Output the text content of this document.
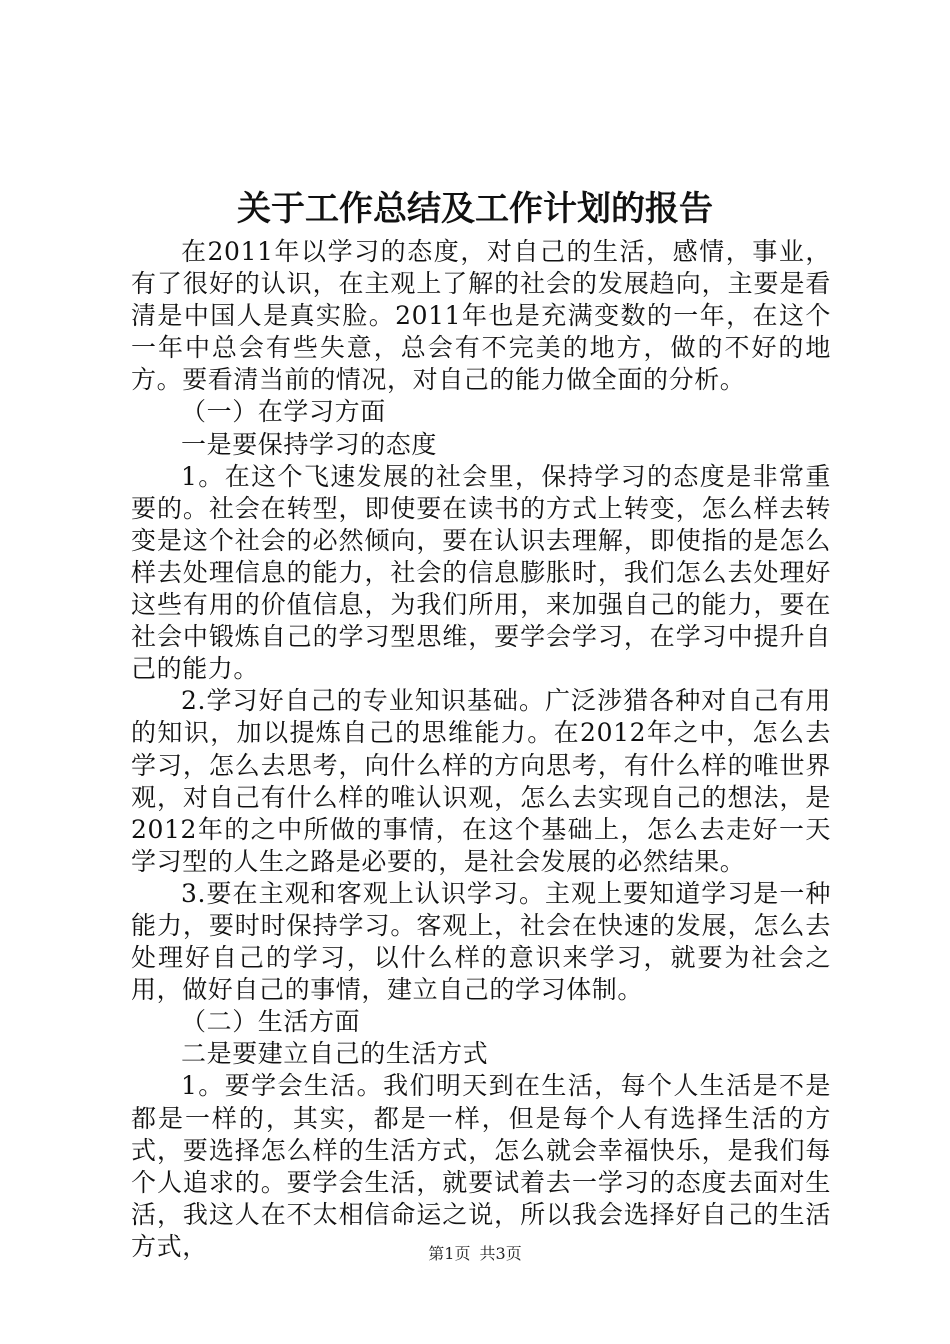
关于工作总结及工作计划的报告

在2011年以学习的态度，对自己的生活，感情，事业，有了很好的认识，在主观上了解的社会的发展趋向，主要是看清是中国人是真实脸。2011年也是充满变数的一年，在这个一年中总会有些失意，总会有不完美的地方，做的不好的地方。要看清当前的情况，对自己的能力做全面的分析。

（一）在学习方面

一是要保持学习的态度

1。在这个飞速发展的社会里，保持学习的态度是非常重要的。社会在转型，即使要在读书的方式上转变，怎么样去转变是这个社会的必然倾向，要在认识去理解，即使指的是怎么样去处理信息的能力，社会的信息膨胀时，我们怎么去处理好这些有用的价值信息，为我们所用，来加强自己的能力，要在社会中锻炼自己的学习型思维，要学会学习，在学习中提升自己的能力。

2.学习好自己的专业知识基础。广泛涉猎各种对自己有用的知识，加以提炼自己的思维能力。在2012年之中，怎么去学习，怎么去思考，向什么样的方向思考，有什么样的唯世界观，对自己有什么样的唯认识观，怎么去实现自己的想法，是2012年的之中所做的事情，在这个基础上，怎么去走好一天学习型的人生之路是必要的，是社会发展的必然结果。

3.要在主观和客观上认识学习。主观上要知道学习是一种能力，要时时保持学习。客观上，社会在快速的发展，怎么去处理好自己的学习，以什么样的意识来学习，就要为社会之用，做好自己的事情，建立自己的学习体制。

（二）生活方面

二是要建立自己的生活方式

1。要学会生活。我们明天到在生活，每个人生活是不是都是一样的，其实，都是一样，但是每个人有选择生活的方式，要选择怎么样的生活方式，怎么就会幸福快乐，是我们每个人追求的。要学会生活，就要试着去一学习的态度去面对生活，我这人在不太相信命运之说，所以我会选择好自己的生活方式，	第1页 共3页
